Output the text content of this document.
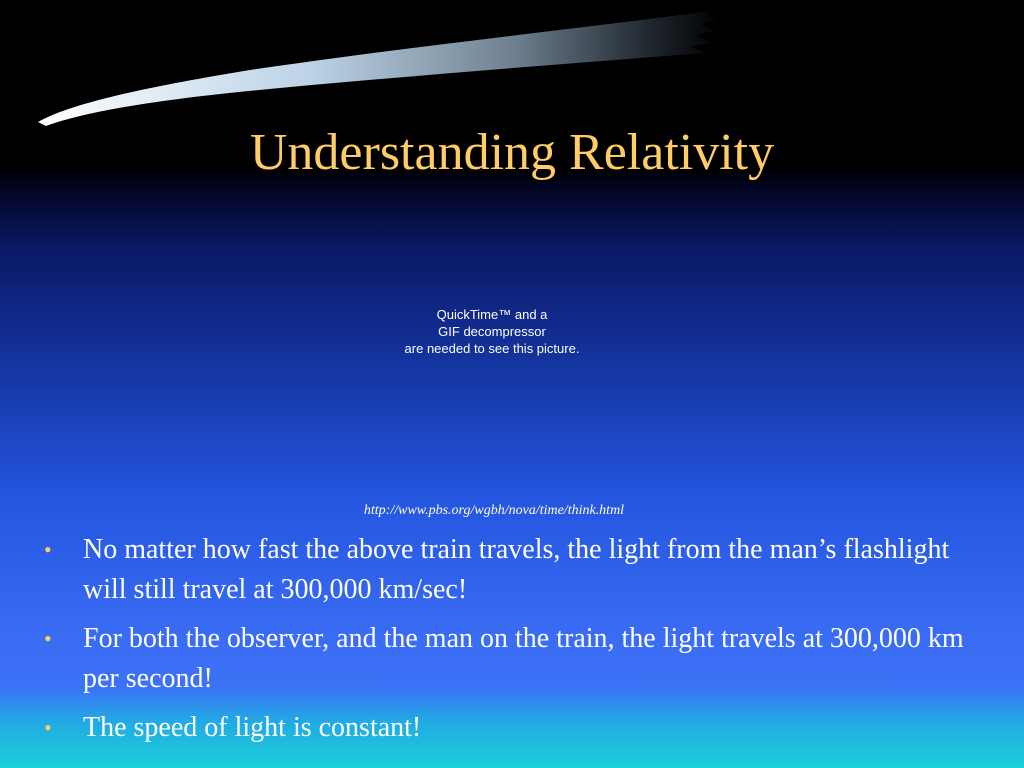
Understanding Relativity
QuickTime™ and a
GIF decompressor
are needed to see this picture.
http://www.pbs.org/wgbh/nova/time/think.html
• No matter how fast the above train travels, the light from the man’s flashlight will still travel at 300,000 km/sec!
• For both the observer, and the man on the train, the light travels at 300,000 km per second!
• The speed of light is constant!
